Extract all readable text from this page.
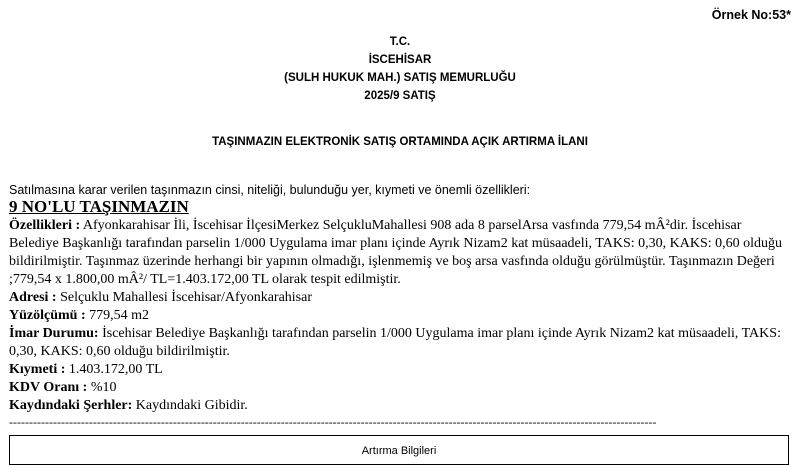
Örnek No:53*
T.C.
İSCEHİSAR
(SULH HUKUK MAH.) SATIŞ MEMURLUĞU
2025/9 SATIŞ
TAŞINMAZIN ELEKTRONİK SATIŞ ORTAMINDA AÇIK ARTIRMA İLANI
Satılmasına karar verilen taşınmazın cinsi, niteliği, bulunduğu yer, kıymeti ve önemli özellikleri:
9 NO'LU TAŞINMAZIN
Özellikleri : Afyonkarahisar İli, İscehisar İlçesiMerkez SelçukluMahallesi 908 ada 8 parselArsa vasfında 779,54 mÂ²dir. İscehisar Belediye Başkanlığı tarafından parselin 1/000 Uygulama imar planı içinde Ayrık Nizam2 kat müsaadeli, TAKS: 0,30, KAKS: 0,60 olduğu bildirilmiştir. Taşınmaz üzerinde herhangi bir yapının olmadığı, işlenmemiş ve boş arsa vasfında olduğu görülmüştür. Taşınmazın Değeri ;779,54 x 1.800,00 mÂ²/ TL=1.403.172,00 TL olarak tespit edilmiştir.
Adresi : Selçuklu Mahallesi İscehisar/Afyonkarahisar
Yüzölçümü : 779,54 m2
İmar Durumu: İscehisar Belediye Başkanlığı tarafından parselin 1/000 Uygulama imar planı içinde Ayrık Nizam2 kat müsaadeli, TAKS: 0,30, KAKS: 0,60 olduğu bildirilmiştir.
Kıymeti : 1.403.172,00 TL
KDV Oranı : %10
Kaydındaki Şerhler: Kaydındaki Gibidir.
------------------------------------------------------------------------------------------------------------------------------------------------------------------
Artırma Bilgileri
